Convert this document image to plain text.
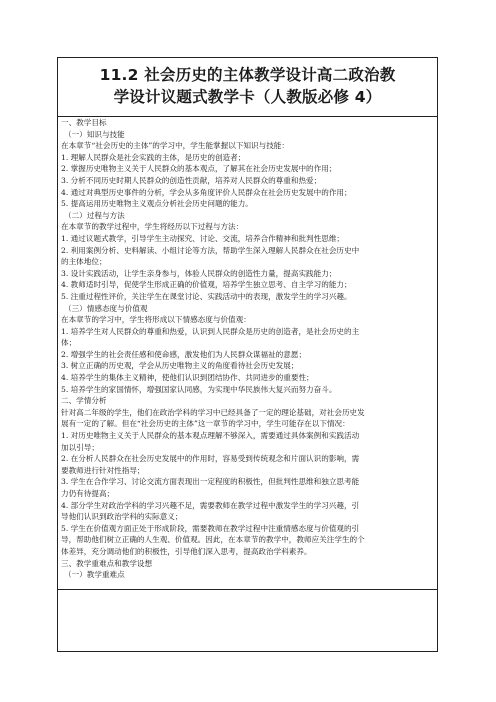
11.2 社会历史的主体教学设计高二政治教
学设计议题式教学卡（人教版必修 4）
一、教学目标
（一）知识与技能
在本章节“社会历史的主体”的学习中，学生能掌握以下知识与技能：
1. 理解人民群众是社会实践的主体，是历史的创造者；
2. 掌握历史唯物主义关于人民群众的基本观点，了解其在社会历史发展中的作用；
3. 分析不同历史时期人民群众的创造性贡献，培养对人民群众的尊重和热爱；
4. 通过对典型历史事件的分析，学会从多角度评价人民群众在社会历史发展中的作用；
5. 提高运用历史唯物主义观点分析社会历史问题的能力。
（二）过程与方法
在本章节的教学过程中，学生将经历以下过程与方法：
1. 通过议题式教学，引导学生主动探究、讨论、交流，培养合作精神和批判性思维；
2. 利用案例分析、史料解读、小组讨论等方法，帮助学生深入理解人民群众在社会历史中
的主体地位；
3. 设计实践活动，让学生亲身参与，体验人民群众的创造性力量，提高实践能力；
4. 教师适时引导，促使学生形成正确的价值观，培养学生独立思考、自主学习的能力；
5. 注重过程性评价，关注学生在课堂讨论、实践活动中的表现，激发学生的学习兴趣。
（三）情感态度与价值观
在本章节的学习中，学生将形成以下情感态度与价值观：
1. 培养学生对人民群众的尊重和热爱，认识到人民群众是历史的创造者，是社会历史的主
体；
2. 增强学生的社会责任感和使命感，激发他们为人民群众谋福祉的意愿；
3. 树立正确的历史观，学会从历史唯物主义的角度看待社会历史发展；
4. 培养学生的集体主义精神，使他们认识到团结协作、共同进步的重要性；
5. 培养学生的家国情怀，增强国家认同感，为实现中华民族伟大复兴而努力奋斗。
二、学情分析
针对高二年级的学生，他们在政治学科的学习中已经具备了一定的理论基础，对社会历史发
展有一定的了解。但在“社会历史的主体”这一章节的学习中，学生可能存在以下情况：
1. 对历史唯物主义关于人民群众的基本观点理解不够深入，需要通过具体案例和实践活动
加以引导；
2. 在分析人民群众在社会历史发展中的作用时，容易受到传统观念和片面认识的影响，需
要教师进行针对性指导；
3. 学生在合作学习、讨论交流方面表现出一定程度的积极性，但批判性思维和独立思考能
力仍有待提高；
4. 部分学生对政治学科的学习兴趣不足，需要教师在教学过程中激发学生的学习兴趣，引
导他们认识到政治学科的实际意义；
5. 学生在价值观方面正处于形成阶段，需要教师在教学过程中注重情感态度与价值观的引
导，帮助他们树立正确的人生观、价值观。因此，在本章节的教学中，教师应关注学生的个
体差异，充分调动他们的积极性，引导他们深入思考，提高政治学科素养。
三、教学重难点和教学设想
（一）教学重难点
